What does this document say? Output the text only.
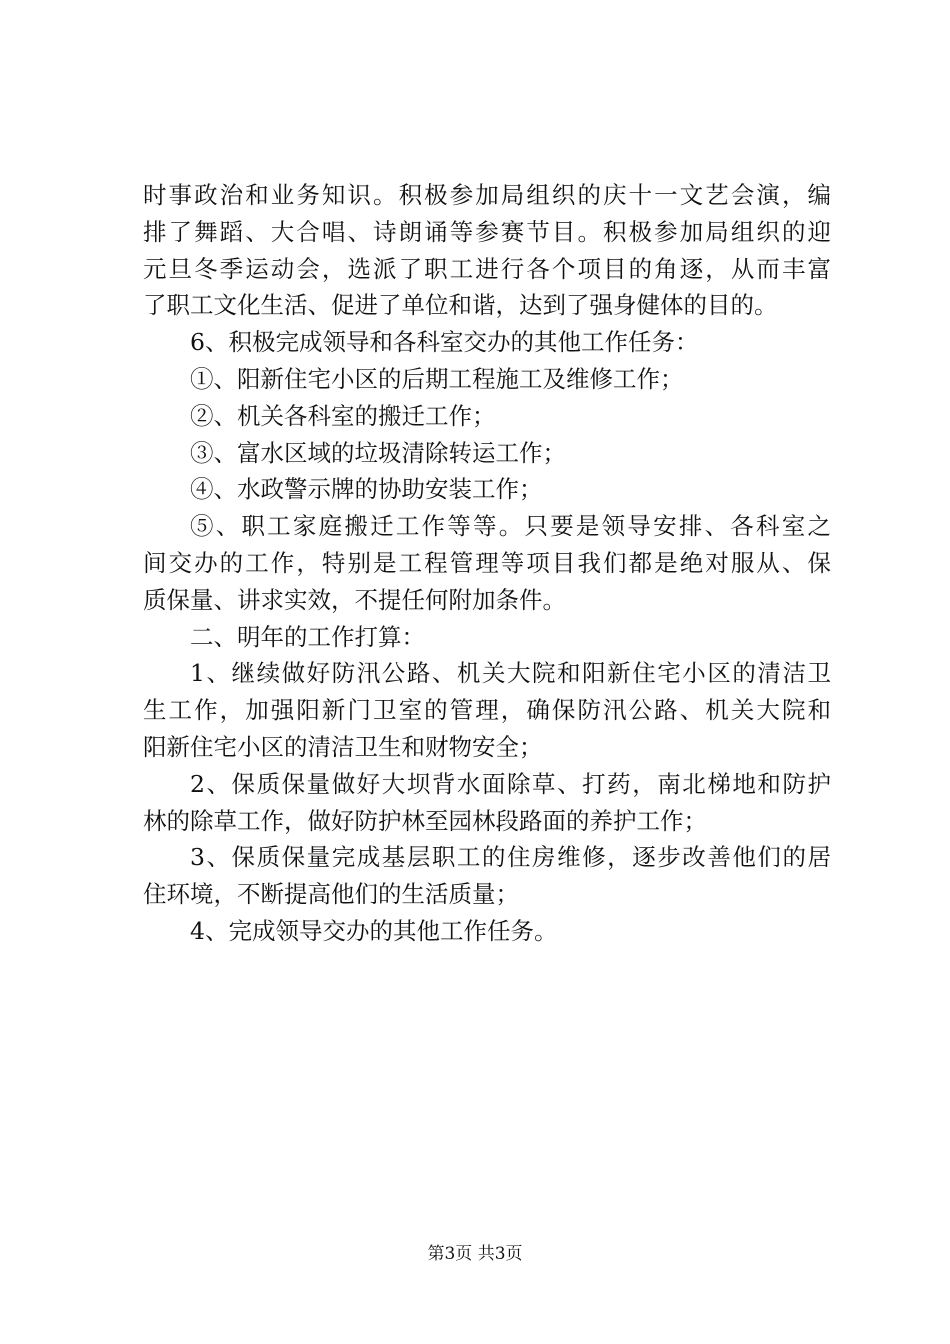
时事政治和业务知识。积极参加局组织的庆十一文艺会演，编
排了舞蹈、大合唱、诗朗诵等参赛节目。积极参加局组织的迎
元旦冬季运动会，选派了职工进行各个项目的角逐，从而丰富
了职工文化生活、促进了单位和谐，达到了强身健体的目的。
6、积极完成领导和各科室交办的其他工作任务：
①、阳新住宅小区的后期工程施工及维修工作；
②、机关各科室的搬迁工作；
③、富水区域的垃圾清除转运工作；
④、水政警示牌的协助安装工作；
⑤、职工家庭搬迁工作等等。只要是领导安排、各科室之
间交办的工作，特别是工程管理等项目我们都是绝对服从、保
质保量、讲求实效，不提任何附加条件。
二、明年的工作打算：
1、继续做好防汛公路、机关大院和阳新住宅小区的清洁卫
生工作，加强阳新门卫室的管理，确保防汛公路、机关大院和
阳新住宅小区的清洁卫生和财物安全；
2、保质保量做好大坝背水面除草、打药，南北梯地和防护
林的除草工作，做好防护林至园林段路面的养护工作；
3、保质保量完成基层职工的住房维修，逐步改善他们的居
住环境，不断提高他们的生活质量；
4、完成领导交办的其他工作任务。
第3页 共3页
